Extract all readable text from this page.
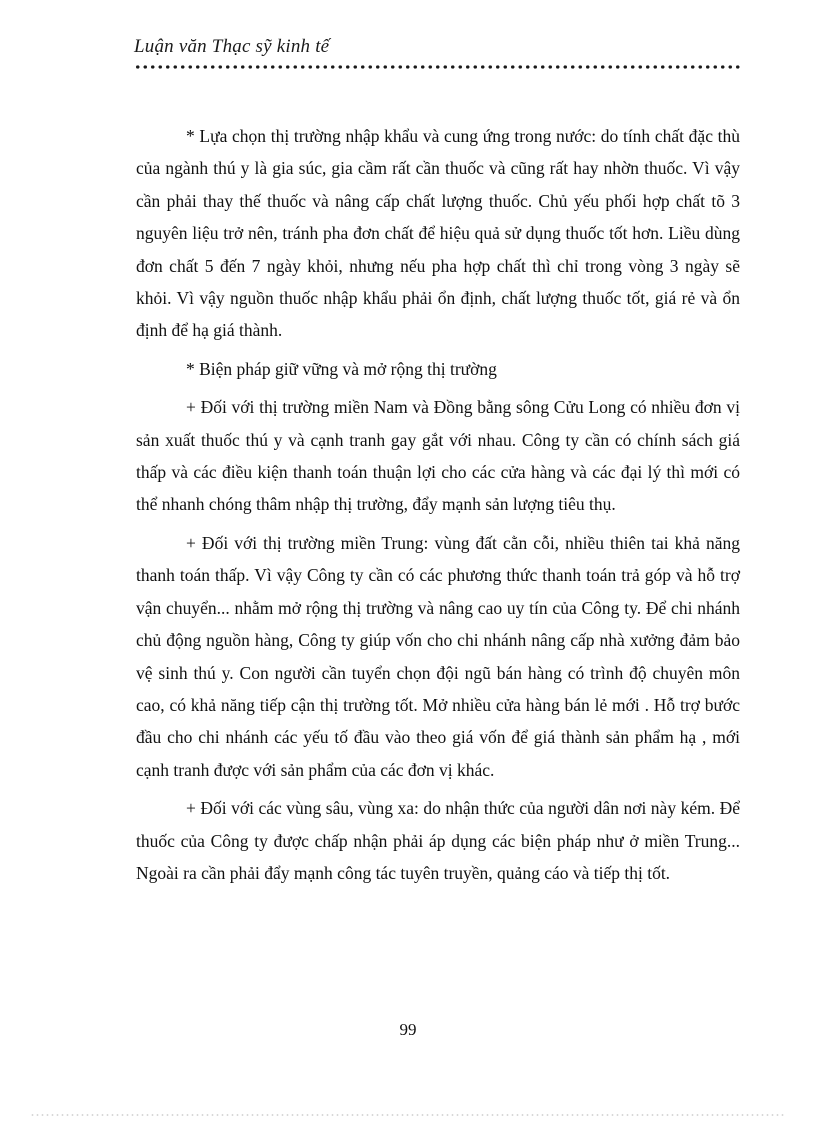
Luận văn Thạc sỹ kinh tế

* Lựa chọn thị trường nhập khẩu và cung ứng trong nước: do tính chất đặc thù của ngành thú y là gia súc, gia cầm rất cần thuốc và cũng rất hay nhờn thuốc. Vì vậy cần phải thay thế thuốc và nâng cấp chất lượng thuốc. Chủ yếu phối hợp chất tõ 3 nguyên liệu trở nên, tránh pha đơn chất để hiệu quả sử dụng thuốc tốt hơn. Liều dùng đơn chất 5 đến 7 ngày khỏi, nhưng nếu pha hợp chất thì chỉ trong vòng 3 ngày sẽ khỏi. Vì vậy nguồn thuốc nhập khẩu phải ổn định, chất lượng thuốc tốt, giá rẻ và ổn định để hạ giá thành.

* Biện pháp giữ vững và mở rộng thị trường

+ Đối với thị trường miền Nam và Đồng bằng sông Cửu Long có nhiều đơn vị sản xuất thuốc thú y và cạnh tranh gay gắt với nhau. Công ty cần có chính sách giá thấp và các điều kiện thanh toán thuận lợi cho các cửa hàng và các đại lý thì mới có thể nhanh chóng thâm nhập thị trường, đẩy mạnh sản lượng tiêu thụ.

+ Đối với thị trường miền Trung: vùng đất cằn cỗi, nhiều thiên tai khả năng thanh toán thấp. Vì vậy Công ty cần có các phương thức thanh toán trả góp và hỗ trợ vận chuyển... nhằm mở rộng thị trường và nâng cao uy tín của Công ty. Để chi nhánh chủ động nguồn hàng, Công ty giúp vốn cho chi nhánh nâng cấp nhà xưởng đảm bảo vệ sinh thú y. Con người cần tuyển chọn đội ngũ bán hàng có trình độ chuyên môn cao, có khả năng tiếp cận thị trường tốt. Mở nhiều cửa hàng bán lẻ mới . Hỗ trợ bước đầu cho chi nhánh các yếu tố đầu vào theo giá vốn để giá thành sản phẩm hạ , mới cạnh tranh được với sản phẩm của các đơn vị khác.

+ Đối với các vùng sâu, vùng xa: do nhận thức của người dân nơi này kém. Để thuốc của Công ty được chấp nhận phải áp dụng các biện pháp như ở miền Trung... Ngoài ra cần phải đẩy mạnh công tác tuyên truyền, quảng cáo và tiếp thị tốt.

99
